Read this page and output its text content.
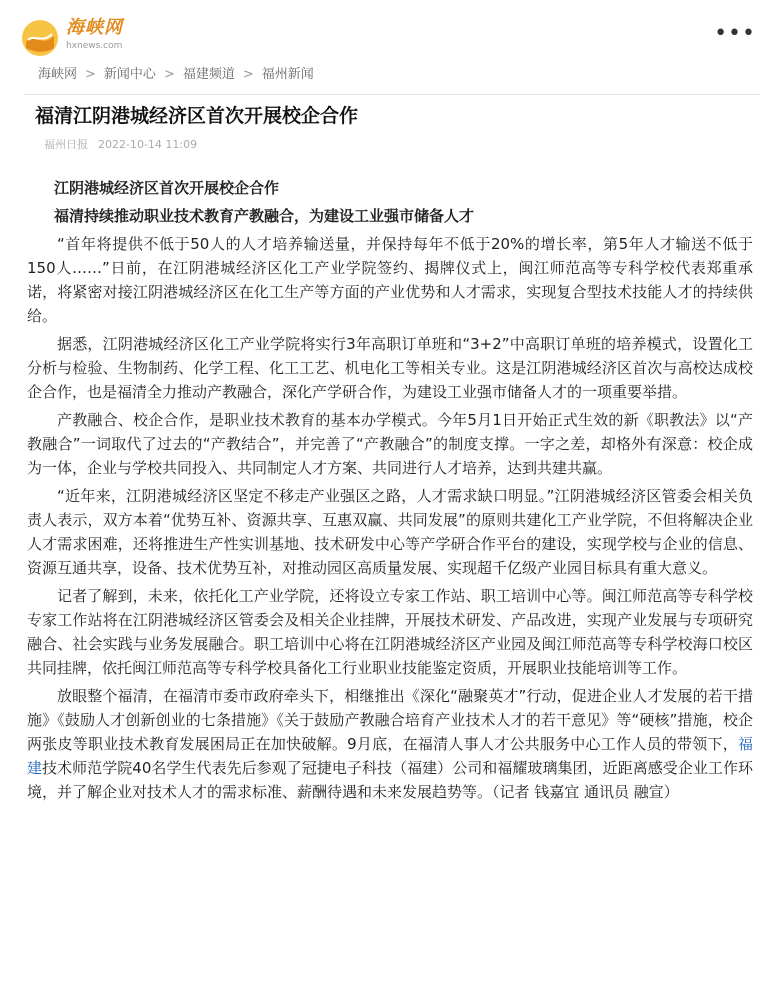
海峡网
hxnews.com	•••
海峡网 > 新闻中心 > 福建频道 > 福州新闻
福清江阴港城经济区首次开展校企合作
福州日报 2022-10-14 11:09

江阴港城经济区首次开展校企合作

福清持续推动职业技术教育产教融合，为建设工业强市储备人才

“首年将提供不低于50人的人才培养输送量，并保持每年不低于20%的增长率，第5年人才输送不低于150人……”日前，在江阴港城经济区化工产业学院签约、揭牌仪式上，闽江师范高等专科学校代表郑重承诺，将紧密对接江阴港城经济区在化工生产等方面的产业优势和人才需求，实现复合型技术技能人才的持续供给。

据悉，江阴港城经济区化工产业学院将实行3年高职订单班和“3+2”中高职订单班的培养模式，设置化工分析与检验、生物制药、化学工程、化工工艺、机电化工等相关专业。这是江阴港城经济区首次与高校达成校企合作，也是福清全力推动产教融合，深化产学研合作，为建设工业强市储备人才的一项重要举措。

产教融合、校企合作，是职业技术教育的基本办学模式。今年5月1日开始正式生效的新《职教法》以“产教融合”一词取代了过去的“产教结合”，并完善了“产教融合”的制度支撑。一字之差，却格外有深意：校企成为一体，企业与学校共同投入、共同制定人才方案、共同进行人才培养，达到共建共赢。

“近年来，江阴港城经济区坚定不移走产业强区之路，人才需求缺口明显。”江阴港城经济区管委会相关负责人表示，双方本着“优势互补、资源共享、互惠双赢、共同发展”的原则共建化工产业学院，不但将解决企业人才需求困难，还将推进生产性实训基地、技术研发中心等产学研合作平台的建设，实现学校与企业的信息、资源互通共享，设备、技术优势互补，对推动园区高质量发展、实现超千亿级产业园目标具有重大意义。

记者了解到，未来，依托化工产业学院，还将设立专家工作站、职工培训中心等。闽江师范高等专科学校专家工作站将在江阴港城经济区管委会及相关企业挂牌，开展技术研发、产品改进，实现产业发展与专项研究融合、社会实践与业务发展融合。职工培训中心将在江阴港城经济区产业园及闽江师范高等专科学校海口校区共同挂牌，依托闽江师范高等专科学校具备化工行业职业技能鉴定资质，开展职业技能培训等工作。

放眼整个福清，在福清市委市政府牵头下，相继推出《深化“融聚英才”行动，促进企业人才发展的若干措施》《鼓励人才创新创业的七条措施》《关于鼓励产教融合培育产业技术人才的若干意见》等“硬核”措施，校企两张皮等职业技术教育发展困局正在加快破解。9月底，在福清人事人才公共服务中心工作人员的带领下，福建技术师范学院40名学生代表先后参观了冠捷电子科技（福建）公司和福耀玻璃集团，近距离感受企业工作环境，并了解企业对技术人才的需求标准、薪酬待遇和未来发展趋势等。（记者 钱嘉宜 通讯员 融宣）
